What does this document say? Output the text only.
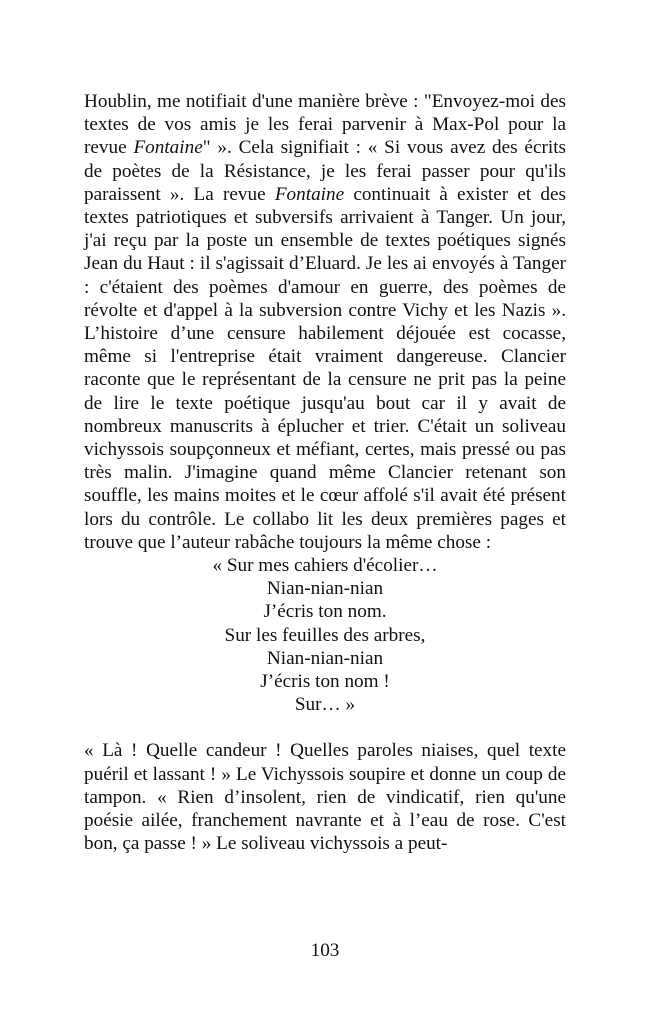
Houblin, me notifiait d'une manière brève : "Envoyez-moi des textes de vos amis je les ferai parvenir à Max-Pol pour la revue Fontaine" ». Cela signifiait : « Si vous avez des écrits de poètes de la Résistance, je les ferai passer pour qu'ils paraissent ». La revue Fontaine continuait à exister et des textes patriotiques et subversifs arrivaient à Tanger. Un jour, j'ai reçu par la poste un ensemble de textes poétiques signés Jean du Haut : il s'agissait d’Eluard. Je les ai envoyés à Tanger : c'étaient des poèmes d'amour en guerre, des poèmes de révolte et d'appel à la subversion contre Vichy et les Nazis ». L’histoire d’une censure habilement déjouée est cocasse, même si l'entreprise était vraiment dangereuse. Clancier raconte que le représentant de la censure ne prit pas la peine de lire le texte poétique jusqu'au bout car il y avait de nombreux manuscrits à éplucher et trier. C'était un soliveau vichyssois soupçonneux et méfiant, certes, mais pressé ou pas très malin. J'imagine quand même Clancier retenant son souffle, les mains moites et le cœur affolé s'il avait été présent lors du contrôle. Le collabo lit les deux premières pages et trouve que l’auteur rabâche toujours la même chose :

« Sur mes cahiers d'écolier…
Nian-nian-nian
J’écris ton nom.
Sur les feuilles des arbres,
Nian-nian-nian
J’écris ton nom !
Sur… »

« Là ! Quelle candeur ! Quelles paroles niaises, quel texte puéril et lassant ! » Le Vichyssois soupire et donne un coup de tampon. « Rien d’insolent, rien de vindicatif, rien qu'une poésie ailée, franchement navrante et à l’eau de rose. C'est bon, ça passe ! » Le soliveau vichyssois a peut-

103
